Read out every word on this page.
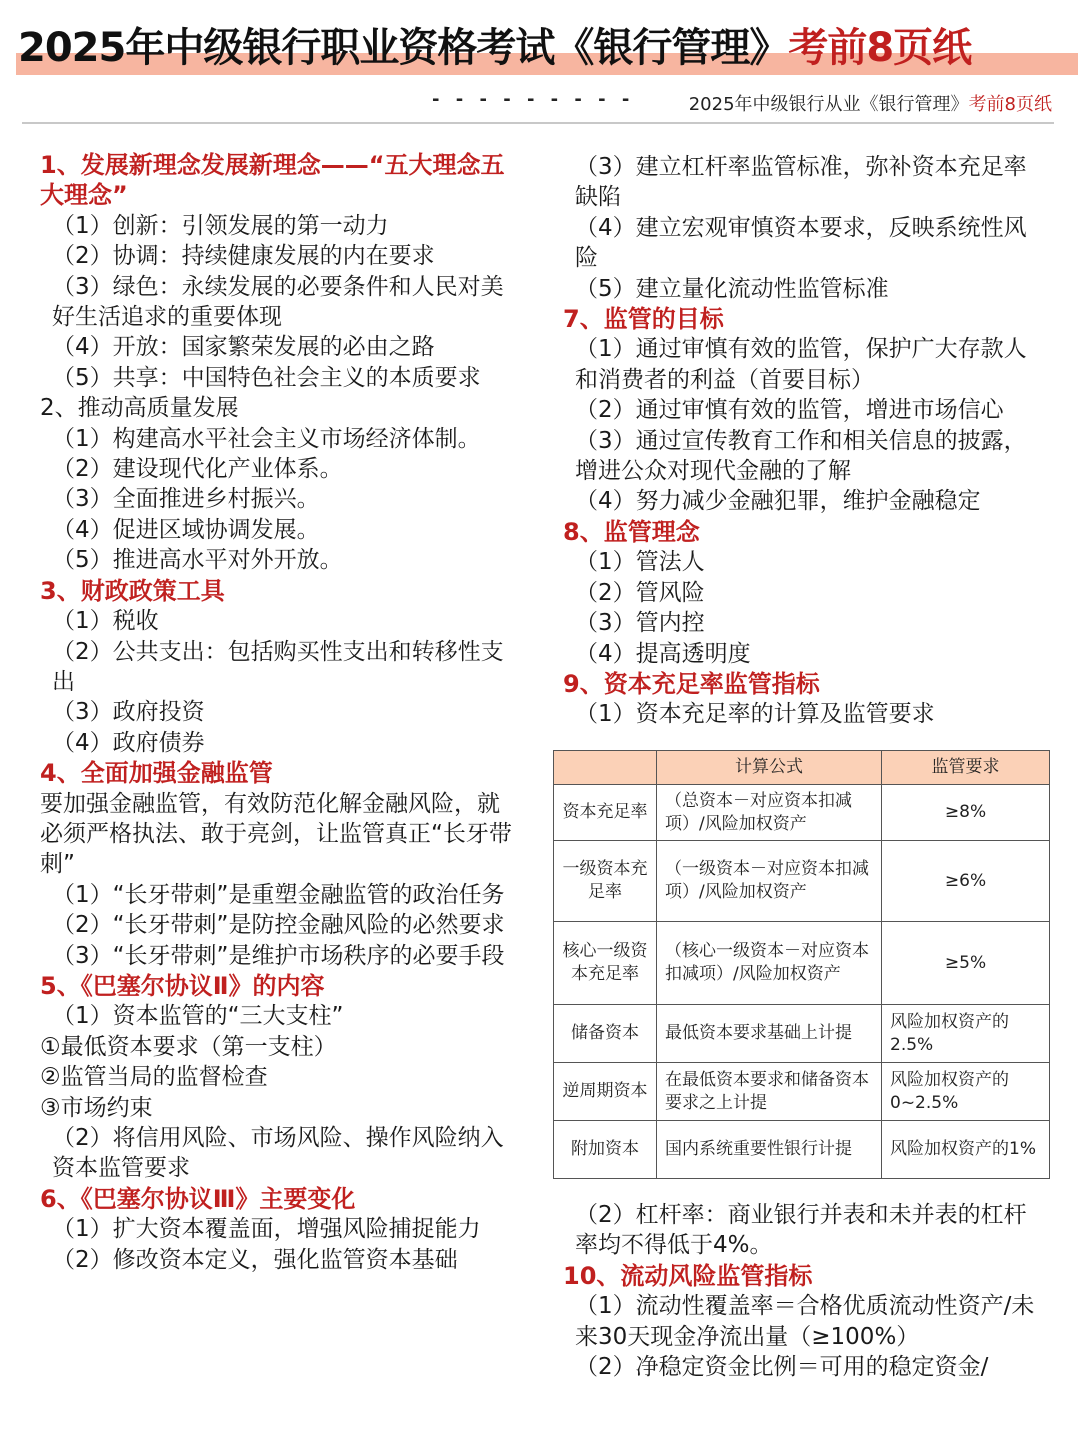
2025年中级银行职业资格考试《银行管理》考前8页纸
- - - - - - - - -	2025年中级银行从业《银行管理》考前8页纸

1、发展新理念发展新理念——“五大理念五大理念”

（1）创新：引领发展的第一动力

（2）协调：持续健康发展的内在要求

（3）绿色：永续发展的必要条件和人民对美好生活追求的重要体现

（4）开放：国家繁荣发展的必由之路

（5）共享：中国特色社会主义的本质要求

2、推动高质量发展

（1）构建高水平社会主义市场经济体制。

（2）建设现代化产业体系。

（3）全面推进乡村振兴。

（4）促进区域协调发展。

（5）推进高水平对外开放。

3、财政政策工具

（1）税收

（2）公共支出：包括购买性支出和转移性支出

（3）政府投资

（4）政府债券

4、全面加强金融监管

要加强金融监管，有效防范化解金融风险，就必须严格执法、敢于亮剑，让监管真正“长牙带刺”

（1）“长牙带刺”是重塑金融监管的政治任务

（2）“长牙带刺”是防控金融风险的必然要求

（3）“长牙带刺”是维护市场秩序的必要手段

5、《巴塞尔协议Ⅱ》的内容

（1）资本监管的“三大支柱”

①最低资本要求（第一支柱）

②监管当局的监督检查

③市场约束

（2）将信用风险、市场风险、操作风险纳入资本监管要求

6、《巴塞尔协议Ⅲ》主要变化

（1）扩大资本覆盖面，增强风险捕捉能力

（2）修改资本定义，强化监管资本基础

（3）建立杠杆率监管标准，弥补资本充足率缺陷

（4）建立宏观审慎资本要求，反映系统性风险

（5）建立量化流动性监管标准

7、监管的目标

（1）通过审慎有效的监管，保护广大存款人和消费者的利益（首要目标）

（2）通过审慎有效的监管，增进市场信心

（3）通过宣传教育工作和相关信息的披露，增进公众对现代金融的了解

（4）努力减少金融犯罪，维护金融稳定

8、监管理念

（1）管法人

（2）管风险

（3）管内控

（4）提高透明度

9、资本充足率监管指标

（1）资本充足率的计算及监管要求

	计算公式	监管要求
资本充足率	（总资本－对应资本扣减项）/风险加权资产	≥8%
一级资本充足率	（一级资本－对应资本扣减项）/风险加权资产	≥6%
核心一级资本充足率	（核心一级资本－对应资本扣减项）/风险加权资产	≥5%
储备资本	最低资本要求基础上计提	风险加权资产的2.5%
逆周期资本	在最低资本要求和储备资本要求之上计提	风险加权资产的0~2.5%
附加资本	国内系统重要性银行计提	风险加权资产的1%

（2）杠杆率：商业银行并表和未并表的杠杆率均不得低于4%。

10、流动风险监管指标

（1）流动性覆盖率＝合格优质流动性资产/未来30天现金净流出量（≥100%）

（2）净稳定资金比例＝可用的稳定资金/
